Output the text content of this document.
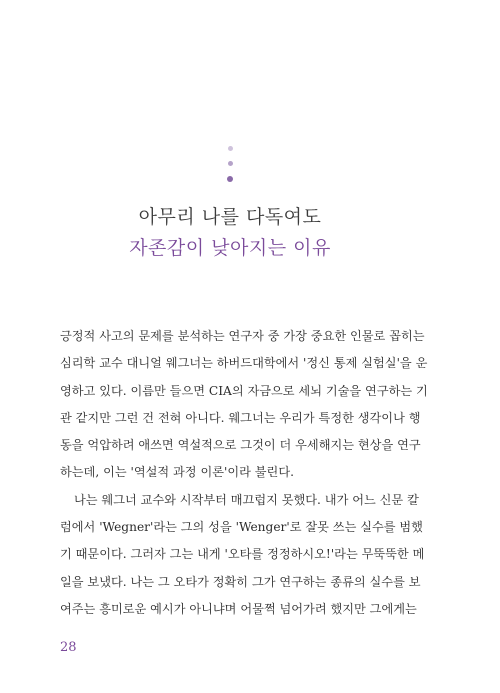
아무리 나를 다독여도
자존감이 낮아지는 이유
긍정적 사고의 문제를 분석하는 연구자 중 가장 중요한 인물로 꼽히는
심리학 교수 대니얼 웨그너는 하버드대학에서 '정신 통제 실험실'을 운
영하고 있다. 이름만 들으면 CIA의 자금으로 세뇌 기술을 연구하는 기
관 같지만 그런 건 전혀 아니다. 웨그너는 우리가 특정한 생각이나 행
동을 억압하려 애쓰면 역설적으로 그것이 더 우세해지는 현상을 연구
하는데, 이는 '역설적 과정 이론'이라 불린다.
나는 웨그너 교수와 시작부터 매끄럽지 못했다. 내가 어느 신문 칼
럼에서 'Wegner'라는 그의 성을 'Wenger'로 잘못 쓰는 실수를 범했
기 때문이다. 그러자 그는 내게 '오타를 정정하시오!'라는 무뚝뚝한 메
일을 보냈다. 나는 그 오타가 정확히 그가 연구하는 종류의 실수를 보
여주는 흥미로운 예시가 아니냐며 어물쩍 넘어가려 했지만 그에게는
28
